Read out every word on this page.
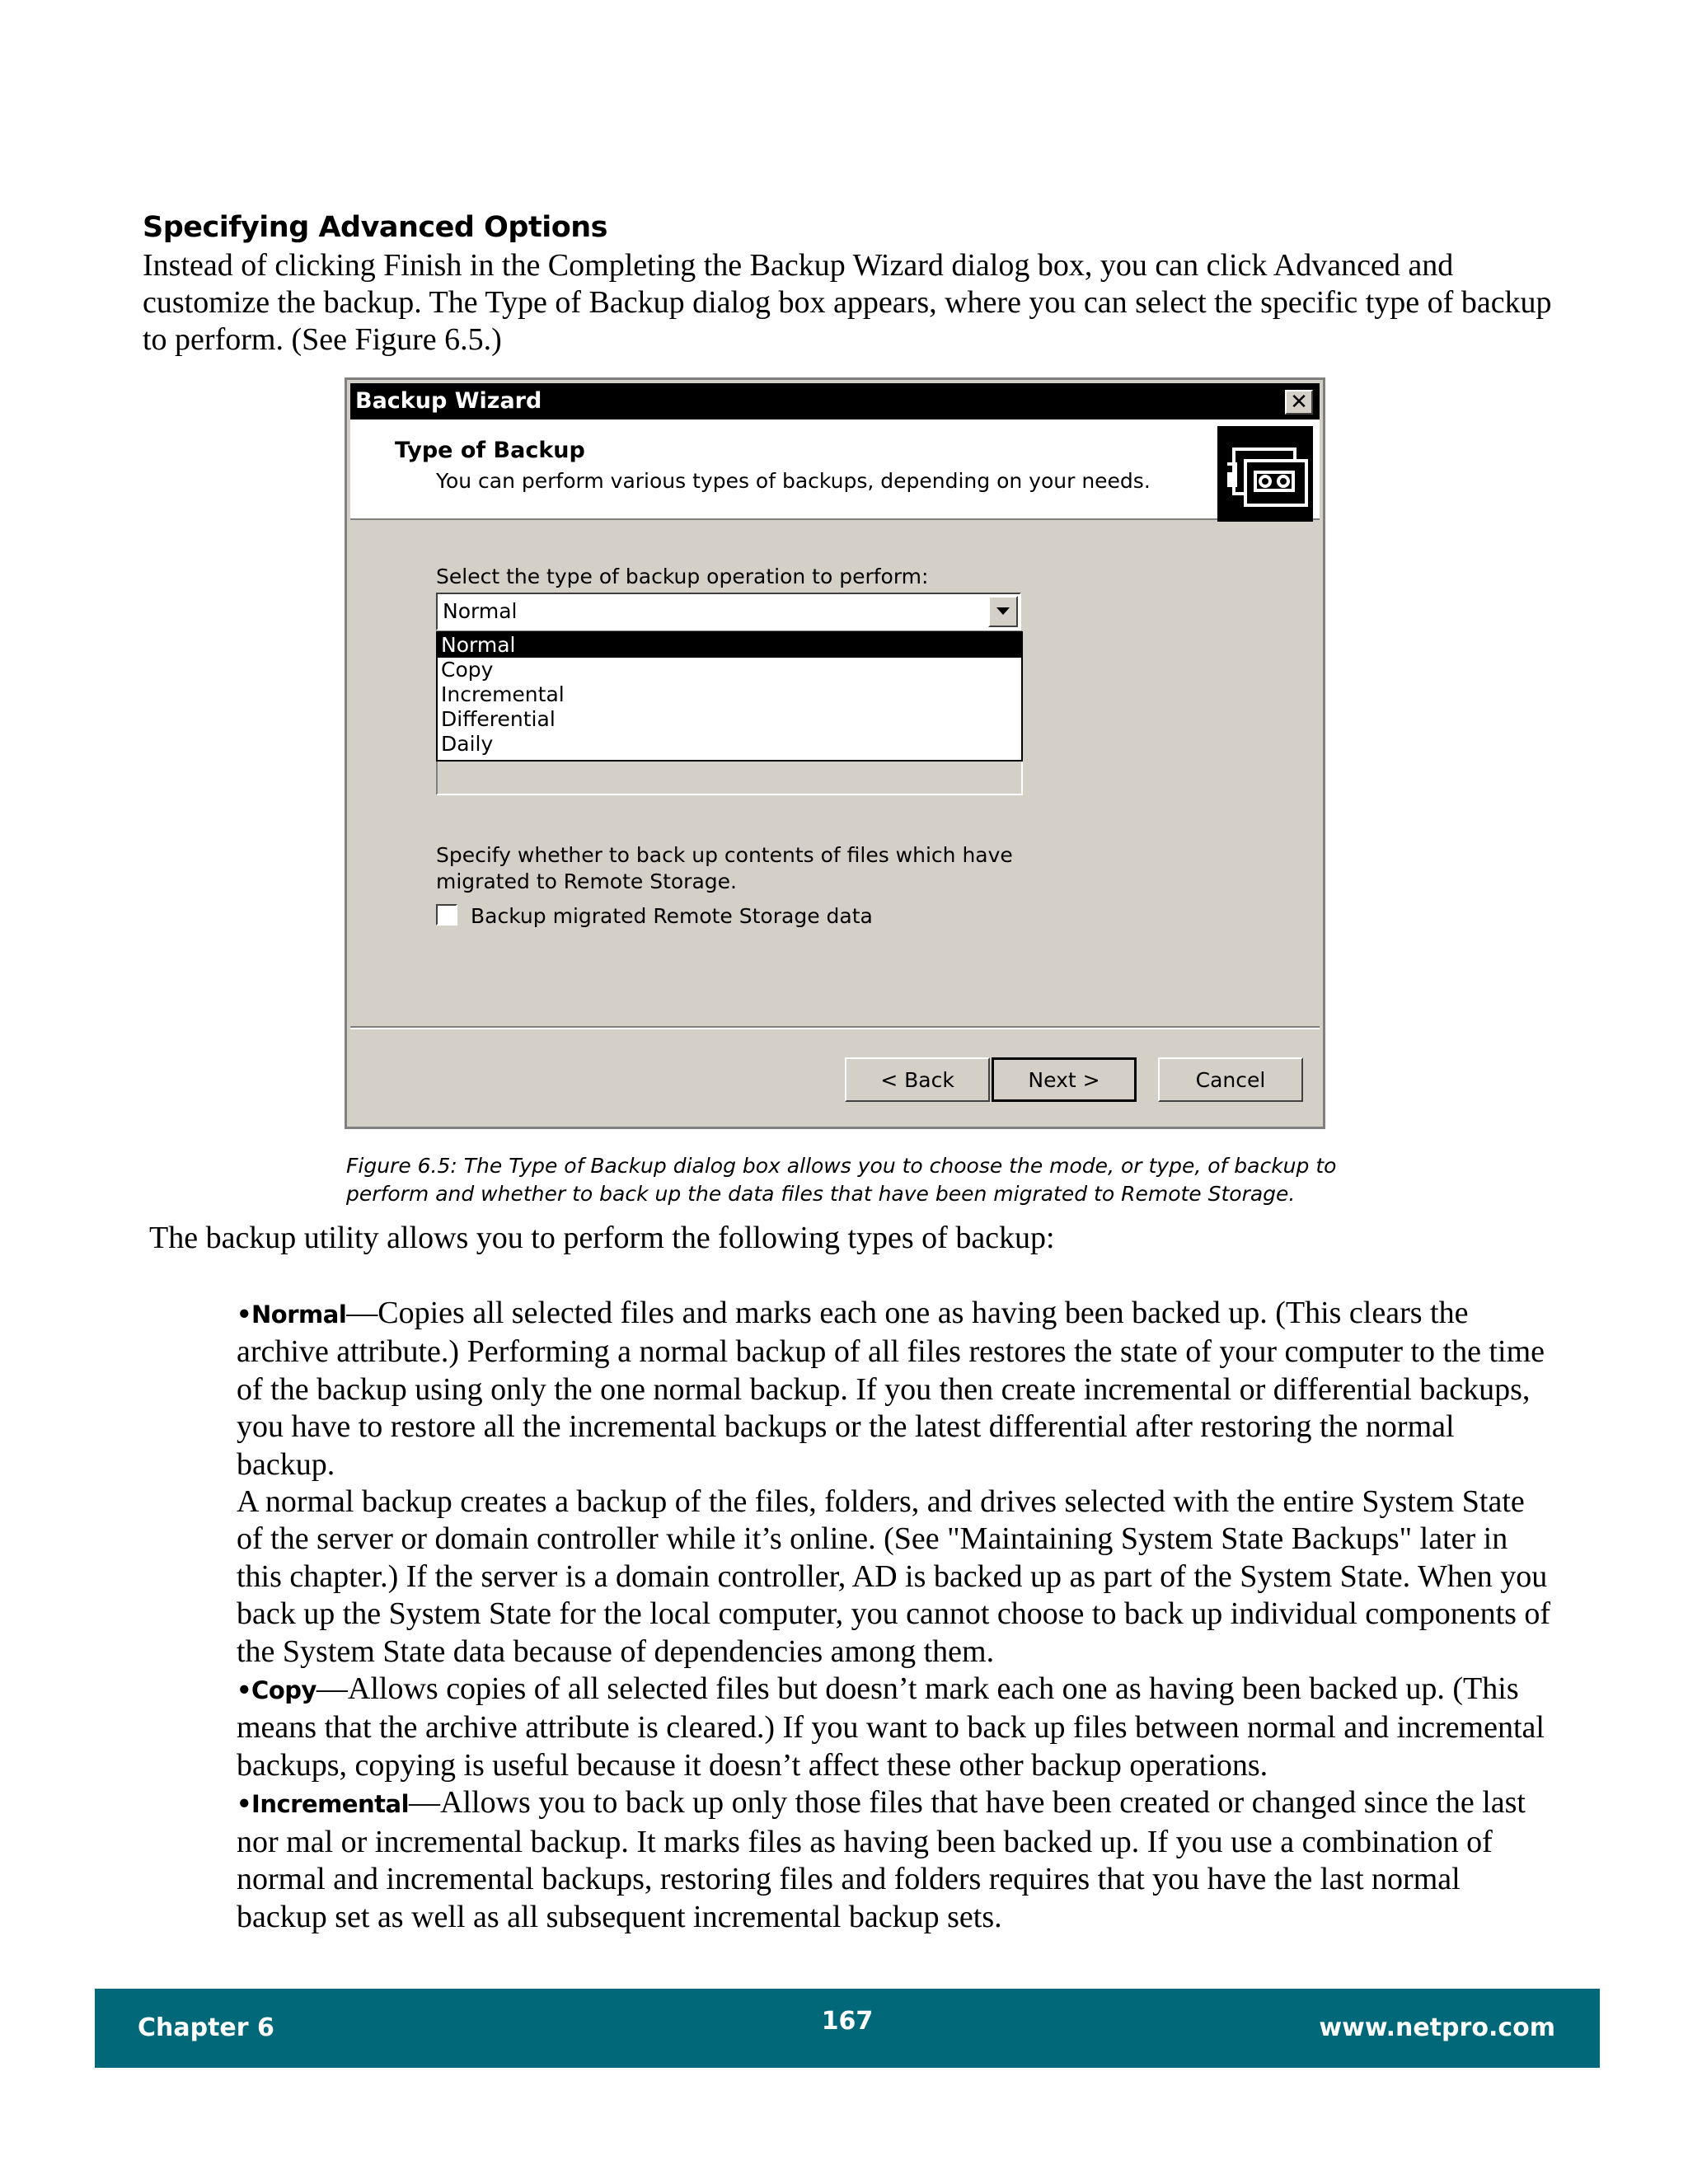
Specifying Advanced Options

Instead of clicking Finish in the Completing the Backup Wizard dialog box, you can click Advanced and customize the backup. The Type of Backup dialog box appears, where you can select the specific type of backup to perform. (See Figure 6.5.)

Backup Wizard	✕
Type of Backup
You can perform various types of backups, depending on your needs.

Select the type of backup operation to perform:

Normal
Normal
Copy
Incremental
Differential
Daily

Specify whether to back up contents of files which have

migrated to Remote Storage.

Backup migrated Remote Storage data

< Back	Next >	Cancel

Figure 6.5: The Type of Backup dialog box allows you to choose the mode, or type, of backup to
perform and whether to back up the data files that have been migrated to Remote Storage.

The backup utility allows you to perform the following types of backup:

•Normal—Copies all selected files and marks each one as having been backed up. (This clears the archive attribute.) Performing a normal backup of all files restores the state of your computer to the time of the backup using only the one normal backup. If you then create incremental or differential backups, you have to restore all the incremental backups or the latest differential after restoring the normal backup.

A normal backup creates a backup of the files, folders, and drives selected with the entire System State of the server or domain controller while it’s online. (See "Maintaining System State Backups" later in this chapter.) If the server is a domain controller, AD is backed up as part of the System State. When you back up the System State for the local computer, you cannot choose to back up individual components of the System State data because of dependencies among them.

•Copy—Allows copies of all selected files but doesn’t mark each one as having been backed up. (This means that the archive attribute is cleared.) If you want to back up files between normal and incremental backups, copying is useful because it doesn’t affect these other backup operations.

•Incremental—Allows you to back up only those files that have been created or changed since the last nor mal or incremental backup. It marks files as having been backed up. If you use a combination of normal and incremental backups, restoring files and folders requires that you have the last normal backup set as well as all subsequent incremental backup sets.

Chapter 6	167	www.netpro.com
